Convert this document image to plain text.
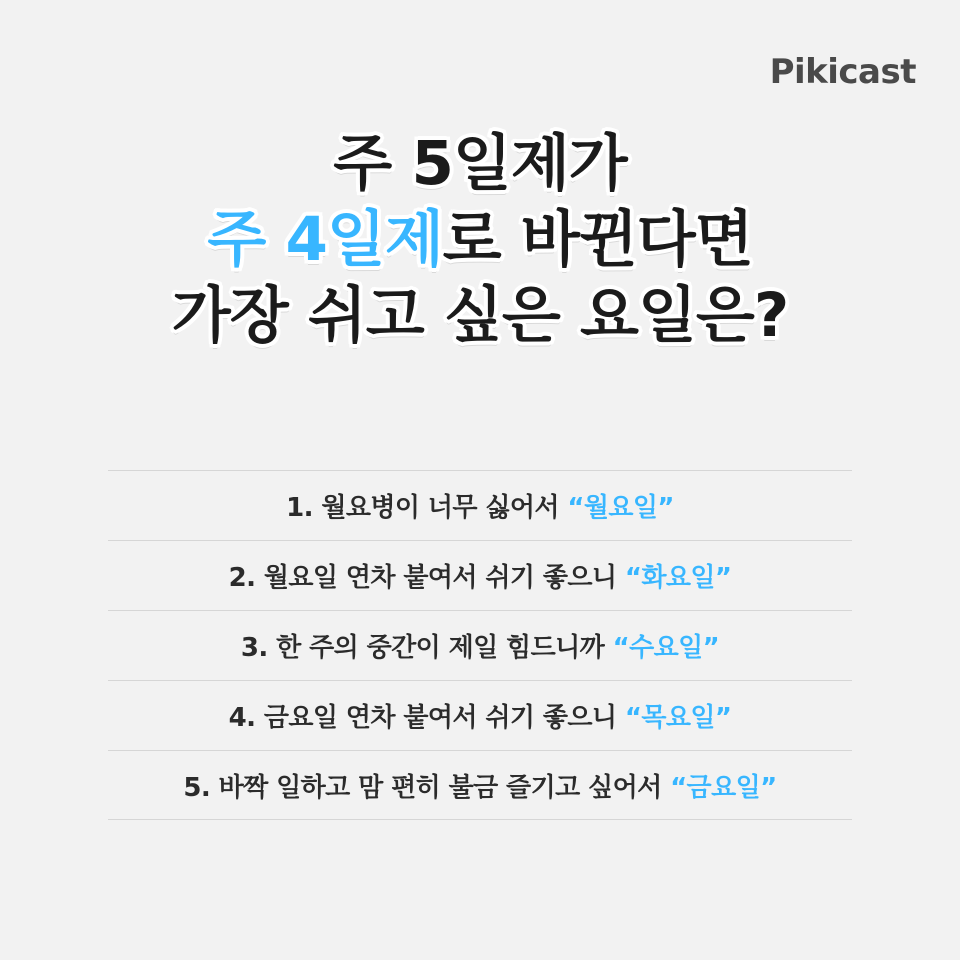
Pikicast
주 5일제가
주 4일제로 바뀐다면
가장 쉬고 싶은 요일은?
1. 월요병이 너무 싫어서 “월요일”
2. 월요일 연차 붙여서 쉬기 좋으니 “화요일”
3. 한 주의 중간이 제일 힘드니까 “수요일”
4. 금요일 연차 붙여서 쉬기 좋으니 “목요일”
5. 바짝 일하고 맘 편히 불금 즐기고 싶어서 “금요일”
